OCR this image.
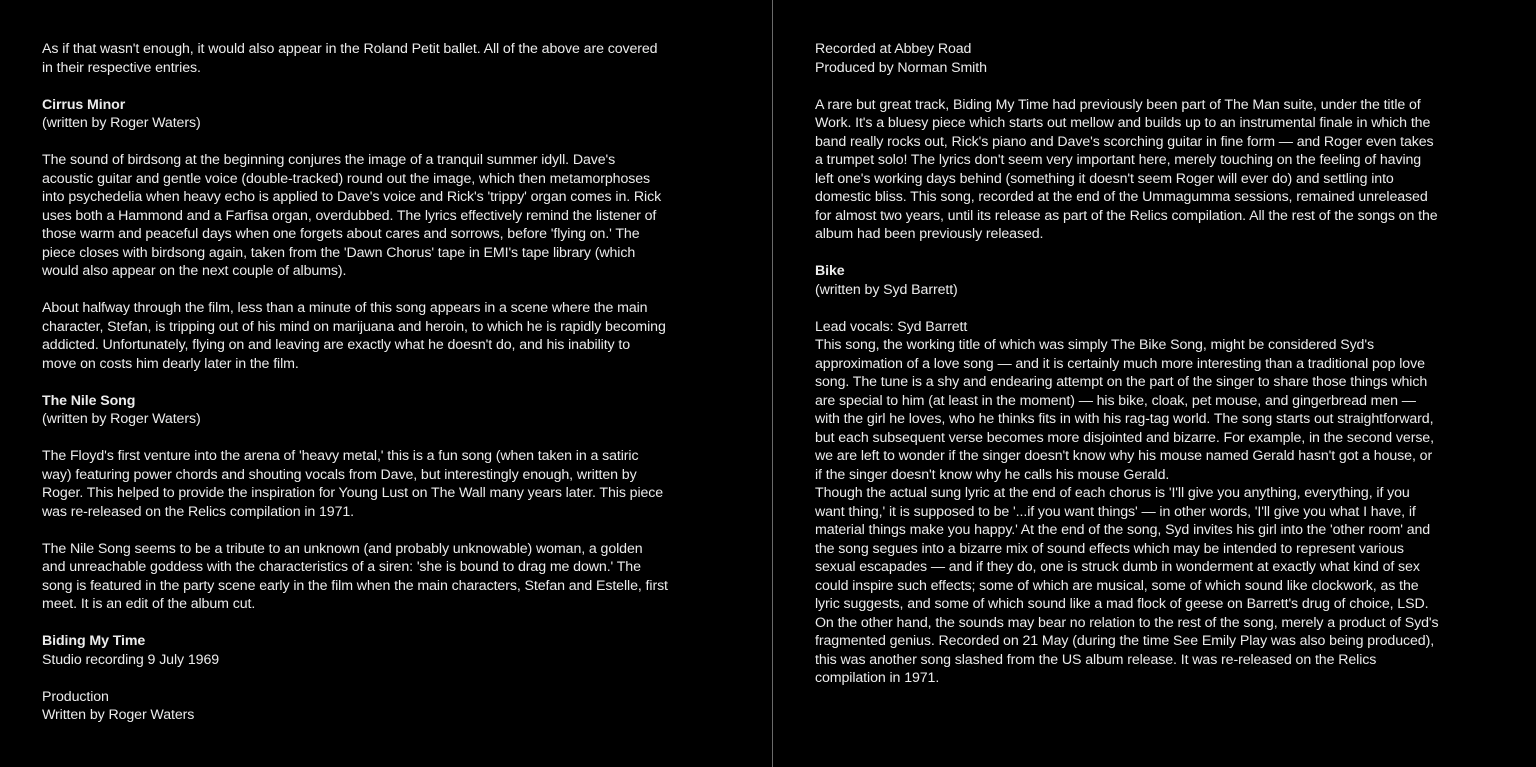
As if that wasn't enough, it would also appear in the Roland Petit ballet. All of the above are covered
in their respective entries.

Cirrus Minor

(written by Roger Waters)

The sound of birdsong at the beginning conjures the image of a tranquil summer idyll. Dave's
acoustic guitar and gentle voice (double-tracked) round out the image, which then metamorphoses
into psychedelia when heavy echo is applied to Dave's voice and Rick's 'trippy' organ comes in. Rick
uses both a Hammond and a Farfisa organ, overdubbed. The lyrics effectively remind the listener of
those warm and peaceful days when one forgets about cares and sorrows, before 'flying on.' The
piece closes with birdsong again, taken from the 'Dawn Chorus' tape in EMI's tape library (which
would also appear on the next couple of albums).

About halfway through the film, less than a minute of this song appears in a scene where the main
character, Stefan, is tripping out of his mind on marijuana and heroin, to which he is rapidly becoming
addicted. Unfortunately, flying on and leaving are exactly what he doesn't do, and his inability to
move on costs him dearly later in the film.

The Nile Song

(written by Roger Waters)

The Floyd's first venture into the arena of 'heavy metal,' this is a fun song (when taken in a satiric
way) featuring power chords and shouting vocals from Dave, but interestingly enough, written by
Roger. This helped to provide the inspiration for Young Lust on The Wall many years later. This piece
was re-released on the Relics compilation in 1971.

The Nile Song seems to be a tribute to an unknown (and probably unknowable) woman, a golden
and unreachable goddess with the characteristics of a siren: 'she is bound to drag me down.' The
song is featured in the party scene early in the film when the main characters, Stefan and Estelle, first
meet. It is an edit of the album cut.

Biding My Time

Studio recording 9 July 1969

Production
Written by Roger Waters

Recorded at Abbey Road
Produced by Norman Smith

A rare but great track, Biding My Time had previously been part of The Man suite, under the title of
Work. It's a bluesy piece which starts out mellow and builds up to an instrumental finale in which the
band really rocks out, Rick's piano and Dave's scorching guitar in fine form — and Roger even takes
a trumpet solo! The lyrics don't seem very important here, merely touching on the feeling of having
left one's working days behind (something it doesn't seem Roger will ever do) and settling into
domestic bliss. This song, recorded at the end of the Ummagumma sessions, remained unreleased
for almost two years, until its release as part of the Relics compilation. All the rest of the songs on the
album had been previously released.

Bike

(written by Syd Barrett)

Lead vocals: Syd Barrett

This song, the working title of which was simply The Bike Song, might be considered Syd's
approximation of a love song — and it is certainly much more interesting than a traditional pop love
song. The tune is a shy and endearing attempt on the part of the singer to share those things which
are special to him (at least in the moment) — his bike, cloak, pet mouse, and gingerbread men —
with the girl he loves, who he thinks fits in with his rag-tag world. The song starts out straightforward,
but each subsequent verse becomes more disjointed and bizarre. For example, in the second verse,
we are left to wonder if the singer doesn't know why his mouse named Gerald hasn't got a house, or
if the singer doesn't know why he calls his mouse Gerald.

Though the actual sung lyric at the end of each chorus is 'I'll give you anything, everything, if you
want thing,' it is supposed to be '...if you want things' — in other words, 'I'll give you what I have, if
material things make you happy.' At the end of the song, Syd invites his girl into the 'other room' and
the song segues into a bizarre mix of sound effects which may be intended to represent various
sexual escapades — and if they do, one is struck dumb in wonderment at exactly what kind of sex
could inspire such effects; some of which are musical, some of which sound like clockwork, as the
lyric suggests, and some of which sound like a mad flock of geese on Barrett's drug of choice, LSD.
On the other hand, the sounds may bear no relation to the rest of the song, merely a product of Syd's
fragmented genius. Recorded on 21 May (during the time See Emily Play was also being produced),
this was another song slashed from the US album release. It was re-released on the Relics
compilation in 1971.
